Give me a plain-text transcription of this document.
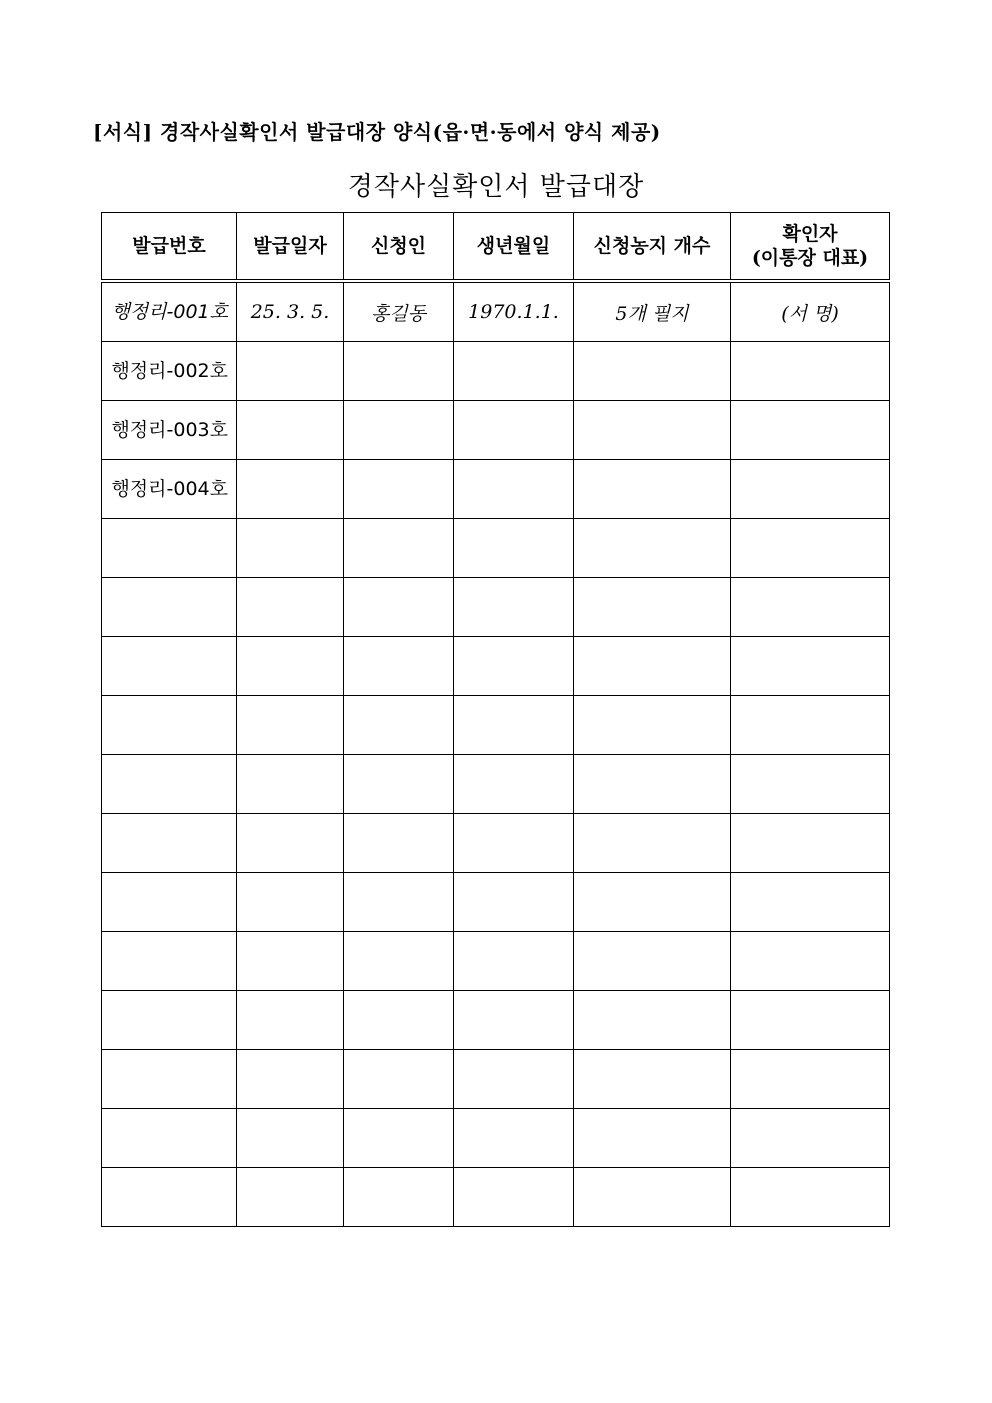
[서식] 경작사실확인서 발급대장 양식(읍·면·동에서 양식 제공)
경작사실확인서 발급대장
발급번호	발급일자	신청인	생년월일	신청농지 개수	확인자
(이통장 대표)

행정리-001호	25. 3. 5.	홍길동	1970.1.1.	5개 필지	(서 명)

행정리-002호					

행정리-003호					

행정리-004호					
